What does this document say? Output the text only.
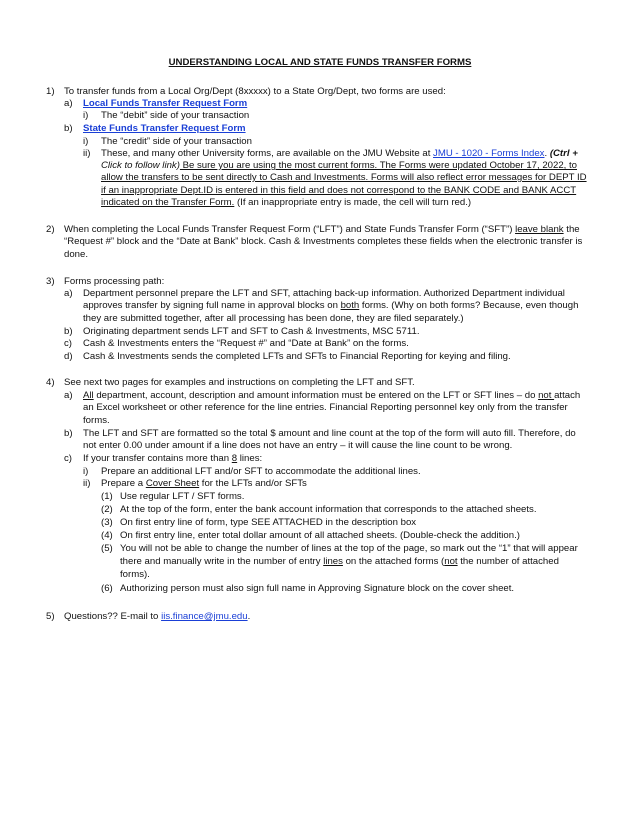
UNDERSTANDING LOCAL AND STATE FUNDS TRANSFER FORMS
1) To transfer funds from a Local Org/Dept (8xxxxx) to a State Org/Dept, two forms are used:
a) Local Funds Transfer Request Form
i) The “debit” side of your transaction
b) State Funds Transfer Request Form
i) The “credit” side of your transaction
ii) These, and many other University forms, are available on the JMU Website at JMU - 1020 - Forms Index. (Ctrl +
Click to follow link) Be sure you are using the most current forms. The Forms were updated October 17, 2022, to
allow the transfers to be sent directly to Cash and Investments. Forms will also reflect error messages for DEPT ID
if an inappropriate Dept.ID is entered in this field and does not correspond to the BANK CODE and BANK ACCT
indicated on the Transfer Form. (If an inappropriate entry is made, the cell will turn red.)
2) When completing the Local Funds Transfer Request Form (“LFT”) and State Funds Transfer Form (“SFT”) leave blank the
“Request #” block and the “Date at Bank” block. Cash & Investments completes these fields when the electronic transfer is
done.
3) Forms processing path:
a) Department personnel prepare the LFT and SFT, attaching back-up information. Authorized Department individual
approves transfer by signing full name in approval blocks on both forms. (Why on both forms? Because, even though
they are submitted together, after all processing has been done, they are filed separately.)
b) Originating department sends LFT and SFT to Cash & Investments, MSC 5711.
c) Cash & Investments enters the “Request #” and “Date at Bank” on the forms.
d) Cash & Investments sends the completed LFTs and SFTs to Financial Reporting for keying and filing.
4) See next two pages for examples and instructions on completing the LFT and SFT.
a) All department, account, description and amount information must be entered on the LFT or SFT lines – do not attach
an Excel worksheet or other reference for the line entries. Financial Reporting personnel key only from the transfer
forms.
b) The LFT and SFT are formatted so the total $ amount and line count at the top of the form will auto fill. Therefore, do
not enter 0.00 under amount if a line does not have an entry – it will cause the line count to be wrong.
c) If your transfer contains more than 8 lines:
i) Prepare an additional LFT and/or SFT to accommodate the additional lines.
ii) Prepare a Cover Sheet for the LFTs and/or SFTs
(1) Use regular LFT / SFT forms.
(2) At the top of the form, enter the bank account information that corresponds to the attached sheets.
(3) On first entry line of form, type SEE ATTACHED in the description box
(4) On first entry line, enter total dollar amount of all attached sheets. (Double-check the addition.)
(5) You will not be able to change the number of lines at the top of the page, so mark out the “1” that will appear
there and manually write in the number of entry lines on the attached forms (not the number of attached
forms).
(6) Authorizing person must also sign full name in Approving Signature block on the cover sheet.
5) Questions?? E-mail to iis.finance@jmu.edu.
